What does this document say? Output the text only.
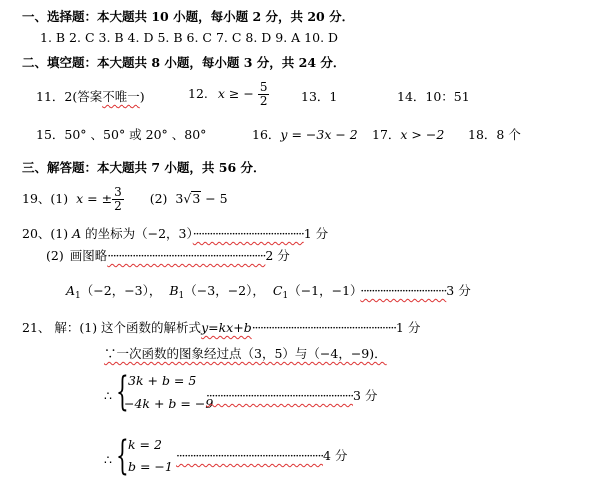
一、选择题：本大题共 10 小题，每小题 2 分，共 20 分．
1. B 2. C 3. B 4. D 5. B 6. C 7. C 8. D 9. A 10. D
二、填空题：本大题共 8 小题，每小题 3 分，共 24 分．
11．2(答案不唯一)	12. x ≥ − $\frac{5}{2}$	13．1	14．10：51
15．50° 、50° 或 20° 、80°	16．y = −3x − 2 17．x > −2 18．8 个
三、解答题：本大题共 7 小题，共 56 分．
19、(1) x = ± $\frac{3}{2} (2) 3√3 - 5$
20、(1) A 的坐标为（−2，3）········································1 分
(2) 画图略·························································2 分
$A_1(-2$，−3）， $B_1(-3$，−2）， $C_1(-1$，−1） ·······························3 分
21、 解：(1) 这个函数的解析式y=kx+b····················································1 分
∵一次函数的图象经过点（3，5）与（−4，−9)．
∴ { 3k + b = 5
−4k + b = −9
·····················································3 分
∴ { k = 2
b = −1
·····················································4 分
